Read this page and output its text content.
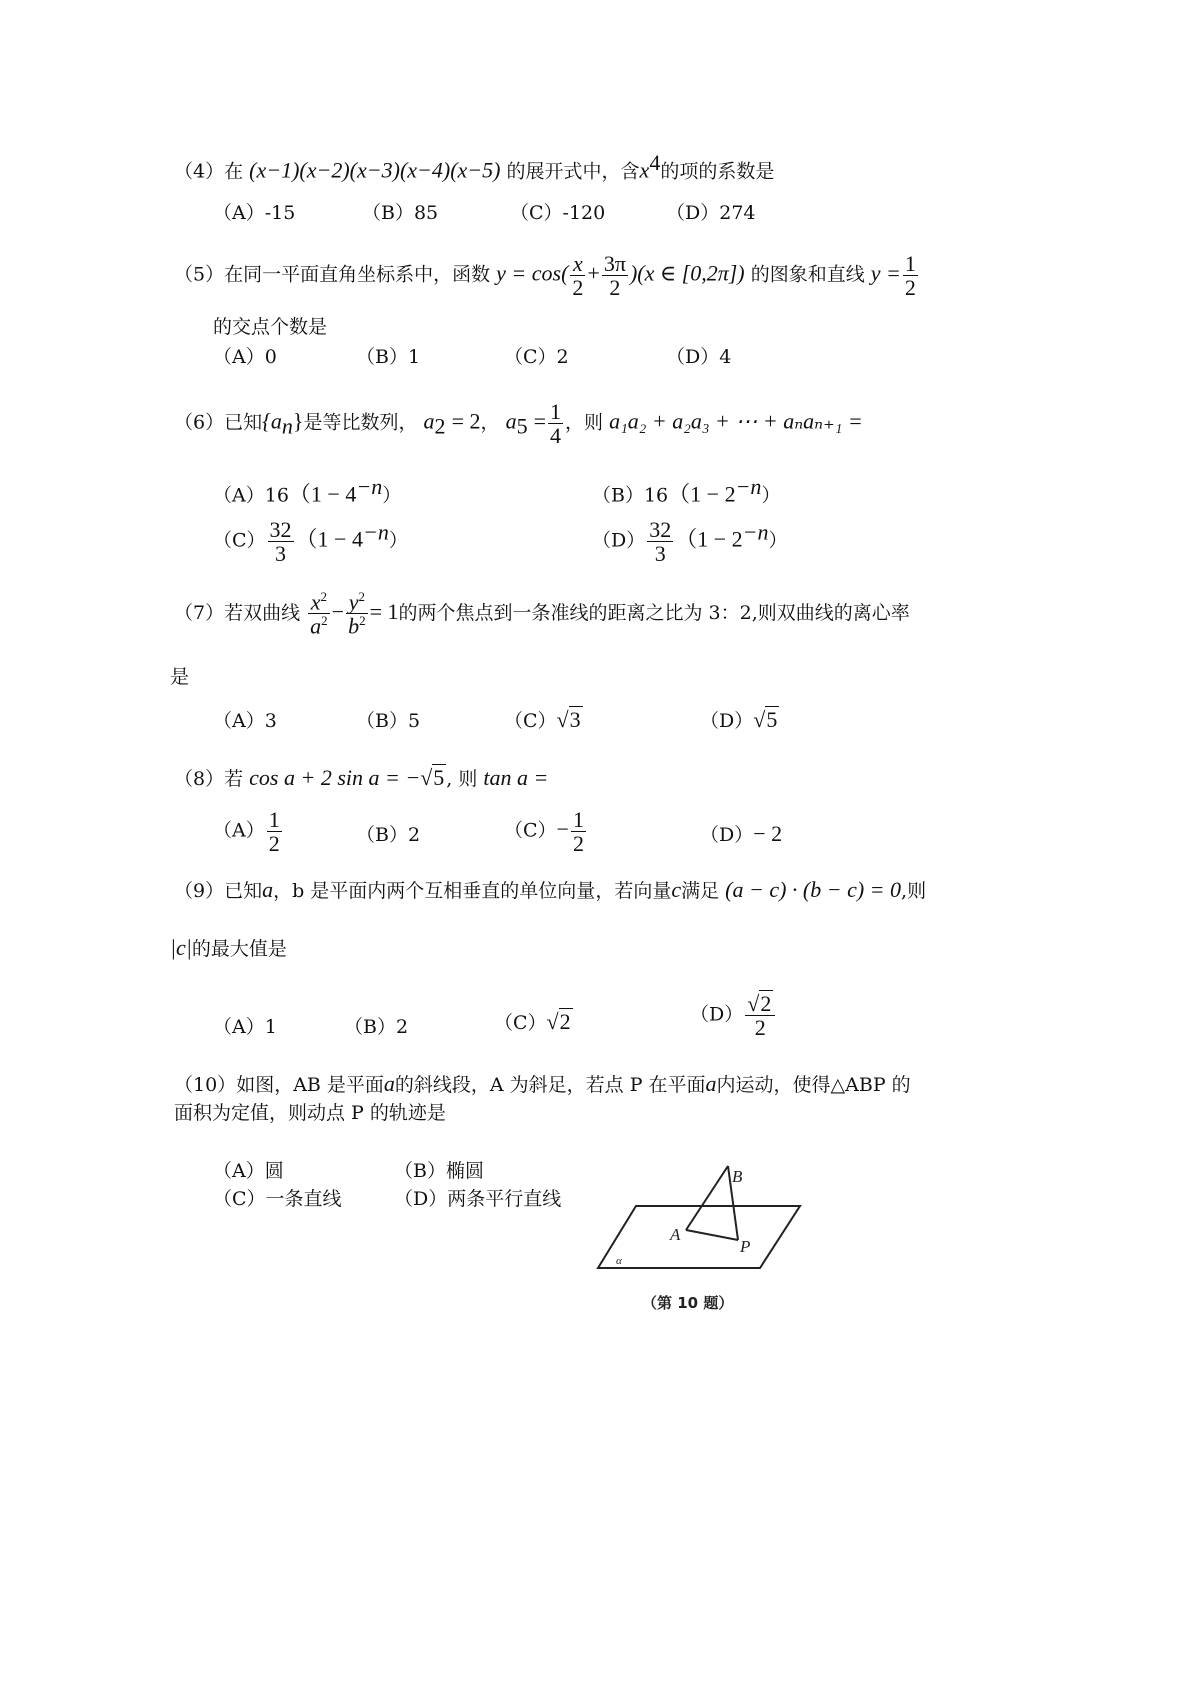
（4）在 (x−1)(x−2)(x−3)(x−4)(x−5) 的展开式中，含$x^4$的项的系数是
（A）-15	（B）85	（C）-120	（D）274
（5）在同一平面直角坐标系中，函数 $y = \cos( \frac{x}{2} + \frac{3\pi}{2} )(x$ ∈ [0,2π]) 的图象和直线 $y = \frac{1}{2}$
的交点个数是
（A）0	（B）1	（C）2	（D）4
（6）已知$\{a_n\}$是等比数列， $a_2 = 2$， $a_5 = \frac{1}{4}$ ，则 a₁a₂ + a₂a₃ + ⋯ + aₙaₙ₊₁ =
$(A)16(1 - 4^{-n})$	$(B)16(1 - 2^{-n})$
$(C) \frac{32}{3} (1 - 4^{-n})$	$(D) \frac{32}{3} (1 - 2^{-n})$
（7）若双曲线 $\frac{x^2}{a^2} - \frac{y^2}{b^2} = 1$的两个焦点到一条准线的距离之比为 3：2,则双曲线的离心率
是
（A）3	（B）5	（C）√3	（D）√5
（8）若 cos a + 2 sin a = −√5 , 则 tan a =
$(A) \frac{1}{2}$	（B）2	$(C)- \frac{1}{2}$	（D）− 2
（9）已知a，b 是平面内两个互相垂直的单位向量，若向量c满足 (a − c) · (b − c) = 0,则
|c|的最大值是
（A）1	（B）2	（C）√2	$(D) \frac{√2}{2}$
（10）如图，AB 是平面a的斜线段，A 为斜足，若点 P 在平面a内运动，使得△ABP 的
面积为定值，则动点 P 的轨迹是
（A）圆	（B）椭圆
（C）一条直线	（D）两条平行直线
B
A
P
α
（第 10 题）
